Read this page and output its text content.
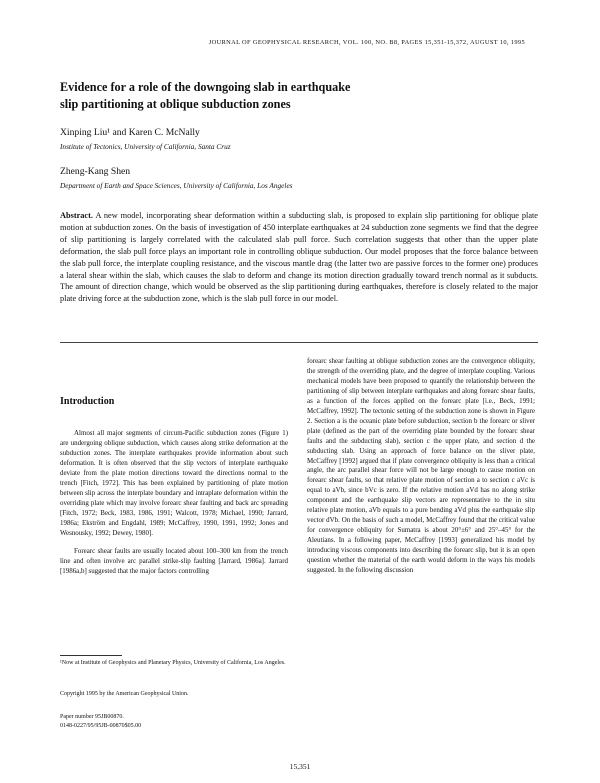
JOURNAL OF GEOPHYSICAL RESEARCH, VOL. 100, NO. B8, PAGES 15,351-15,372, AUGUST 10, 1995
Evidence for a role of the downgoing slab in earthquake
slip partitioning at oblique subduction zones
Xinping Liu¹ and Karen C. McNally
Institute of Tectonics, University of California, Santa Cruz
Zheng-Kang Shen
Department of Earth and Space Sciences, University of California, Los Angeles
Abstract. A new model, incorporating shear deformation within a subducting slab, is proposed to explain slip partitioning for oblique plate motion at subduction zones. On the basis of investigation of 450 interplate earthquakes at 24 subduction zone segments we find that the degree of slip partitioning is largely correlated with the calculated slab pull force. Such correlation suggests that other than the upper plate deformation, the slab pull force plays an important role in controlling oblique subduction. Our model proposes that the force balance between the slab pull force, the interplate coupling resistance, and the viscous mantle drag (the latter two are passive forces to the former one) produces a lateral shear within the slab, which causes the slab to deform and change its motion direction gradually toward trench normal as it subducts. The amount of direction change, which would be observed as the slip partitioning during earthquakes, therefore is closely related to the major plate driving force at the subduction zone, which is the slab pull force in our model.
Introduction

Almost all major segments of circum-Pacific subduction zones (Figure 1) are undergoing oblique subduction, which causes along strike deformation at the subduction zones. The interplate earthquakes provide information about such deformation. It is often observed that the slip vectors of interplate earthquake deviate from the plate motion directions toward the directions normal to the trench [Fitch, 1972]. This has been explained by partitioning of plate motion between slip across the interplate boundary and intraplate deformation within the overriding plate which may involve forearc shear faulting and back arc spreading [Fitch, 1972; Beck, 1983, 1986, 1991; Walcott, 1978; Michael, 1990; Jarrard, 1986a; Ekström and Engdahl, 1989; McCaffrey, 1990, 1991, 1992; Jones and Wesnousky, 1992; Dewey, 1980].

Forearc shear faults are usually located about 100–300 km from the trench line and often involve arc parallel strike-slip faulting [Jarrard, 1986a]. Jarrard [1986a,b] suggested that the major factors controlling

forearc shear faulting at oblique subduction zones are the convergence obliquity, the strength of the overriding plate, and the degree of interplate coupling. Various mechanical models have been proposed to quantify the relationship between the partitioning of slip between interplate earthquakes and along forearc shear faults, as a function of the forces applied on the forearc plate [i.e., Beck, 1991; McCaffrey, 1992]. The tectonic setting of the subduction zone is shown in Figure 2. Section a is the oceanic plate before subduction, section b the forearc or sliver plate (defined as the part of the overriding plate bounded by the forearc shear faults and the subducting slab), section c the upper plate, and section d the subducting slab. Using an approach of force balance on the sliver plate, McCaffrey [1992] argued that if plate convergence obliquity is less than a critical angle, the arc parallel shear force will not be large enough to cause motion on forearc shear faults, so that relative plate motion of section a to section c aVc is equal to aVb, since bVc is zero. If the relative motion aVd has no along strike component and the earthquake slip vectors are representative to the in situ relative plate motion, aVb equals to a pure bending aVd plus the earthquake slip vector dVb. On the basis of such a model, McCaffrey found that the critical value for convergence obliquity for Sumatra is about 20°±6° and 25°–45° for the Aleutians. In a following paper, McCaffrey [1993] generalized his model by introducing viscous components into describing the forearc slip, but it is an open question whether the material of the earth would deform in the ways his models suggested. In the following discussion

¹Now at Institute of Geophysics and Planetary Physics, University of California, Los Angeles.
Copyright 1995 by the American Geophysical Union.
Paper number 95JB00870.
0148-0227/95/95JB-00870$05.00
15,351
